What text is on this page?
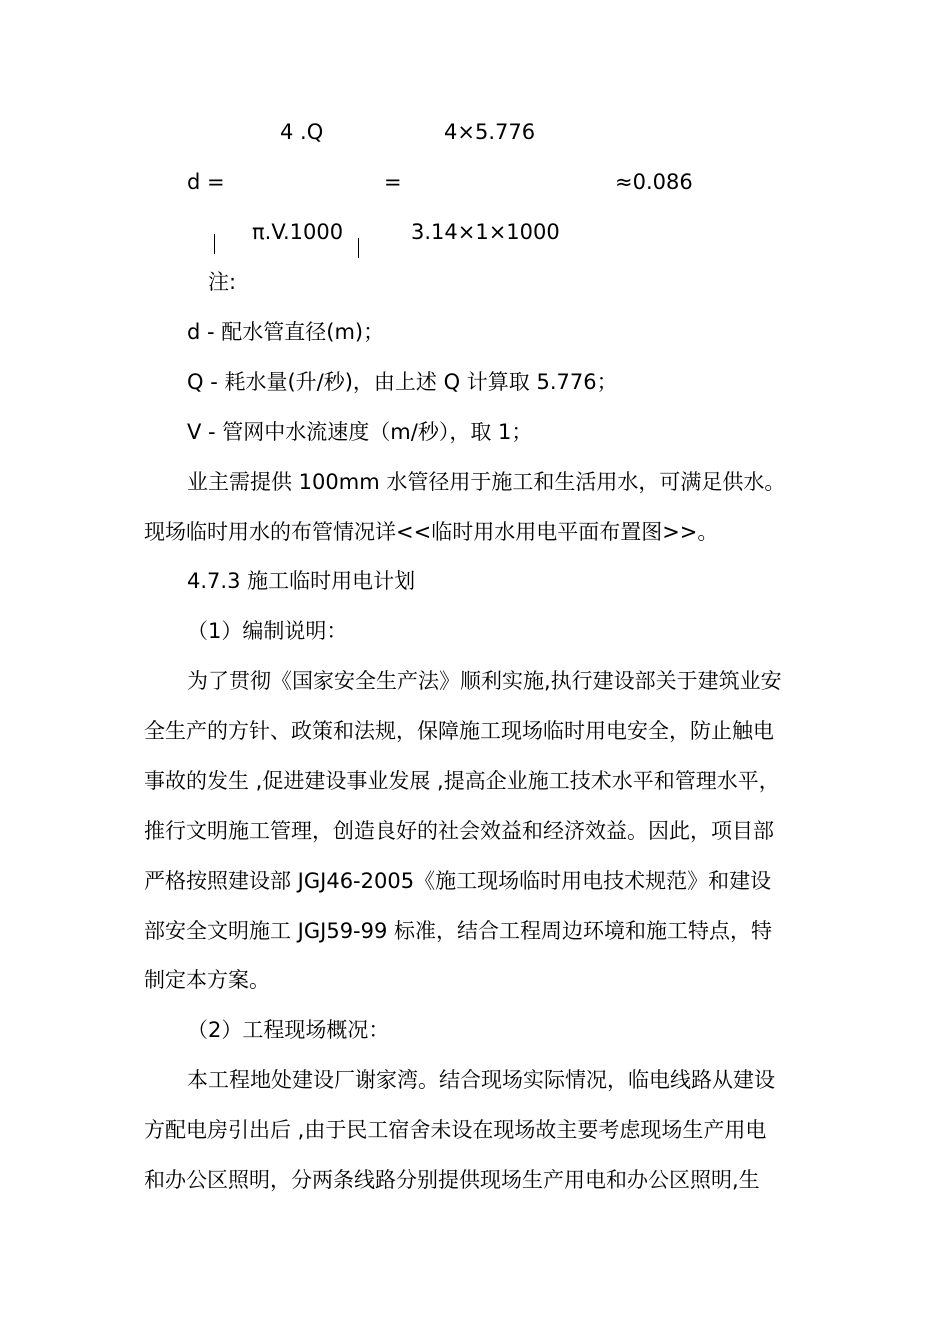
4 .Q	4×5.776
d =	=	≈0.086
π.V.1000	3.14×1×1000
注:
d - 配水管直径(m)；
Q - 耗水量(升/秒)，由上述 Q 计算取 5.776；
V - 管网中水流速度（m/秒），取 1；
业主需提供 100mm 水管径用于施工和生活用水，可满足供水。
现场临时用水的布管情况详<<临时用水用电平面布置图>>。
4.7.3 施工临时用电计划
（1）编制说明：
为了贯彻《国家安全生产法》顺利实施,执行建设部关于建筑业安
全生产的方针、政策和法规，保障施工现场临时用电安全，防止触电
事故的发生 ,促进建设事业发展 ,提高企业施工技术水平和管理水平，
推行文明施工管理，创造良好的社会效益和经济效益。因此，项目部
严格按照建设部 JGJ46-2005《施工现场临时用电技术规范》和建设
部安全文明施工 JGJ59-99 标准，结合工程周边环境和施工特点，特
制定本方案。
（2）工程现场概况：
本工程地处建设厂谢家湾。结合现场实际情况，临电线路从建设
方配电房引出后 ,由于民工宿舍未设在现场故主要考虑现场生产用电
和办公区照明，分两条线路分别提供现场生产用电和办公区照明,生
